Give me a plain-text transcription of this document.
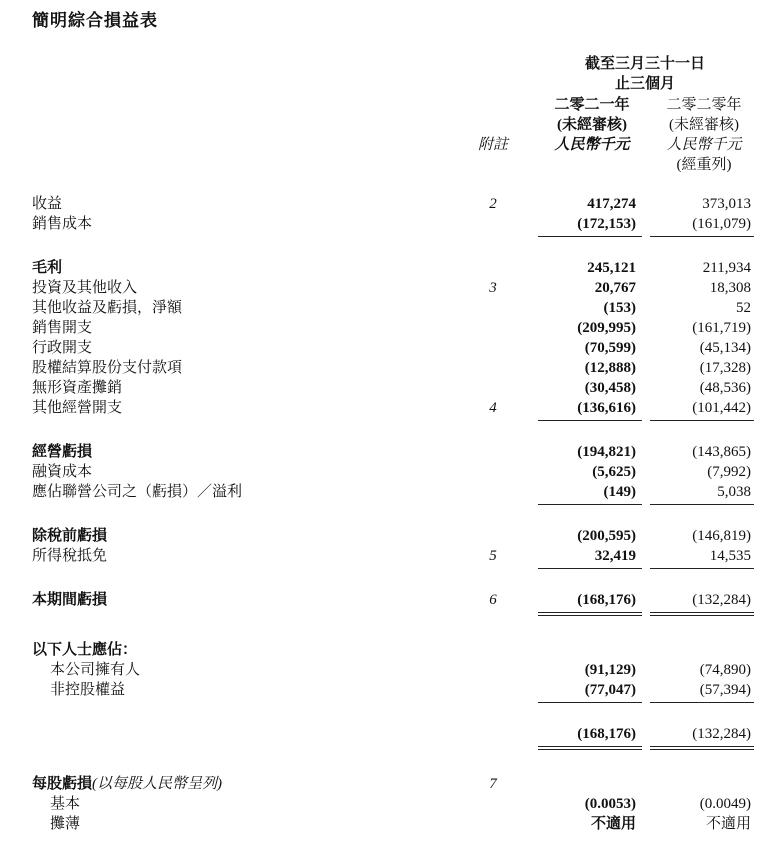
簡明綜合損益表
截至三月三十一日
止三個月
二零二一年
(未經審核)
人民幣千元
二零二零年
(未經審核)
人民幣千元
(經重列)
附註
收益	2	417,274	373,013
銷售成本	(172,153)	(161,079)
毛利	245,121	211,934
投資及其他收入	3	20,767	18,308
其他收益及虧損，淨額	(153)	52
銷售開支	(209,995)	(161,719)
行政開支	(70,599)	(45,134)
股權結算股份支付款項	(12,888)	(17,328)
無形資產攤銷	(30,458)	(48,536)
其他經營開支	4	(136,616)	(101,442)
經營虧損	(194,821)	(143,865)
融資成本	(5,625)	(7,992)
應佔聯營公司之（虧損）／溢利	(149)	5,038
除稅前虧損	(200,595)	(146,819)
所得稅抵免	5	32,419	14,535
本期間虧損	6	(168,176)	(132,284)
以下人士應佔：
本公司擁有人	(91,129)	(74,890)
非控股權益	(77,047)	(57,394)
(168,176)	(132,284)
每股虧損(以每股人民幣呈列)	7
基本	(0.0053)	(0.0049)
攤薄	不適用	不適用
